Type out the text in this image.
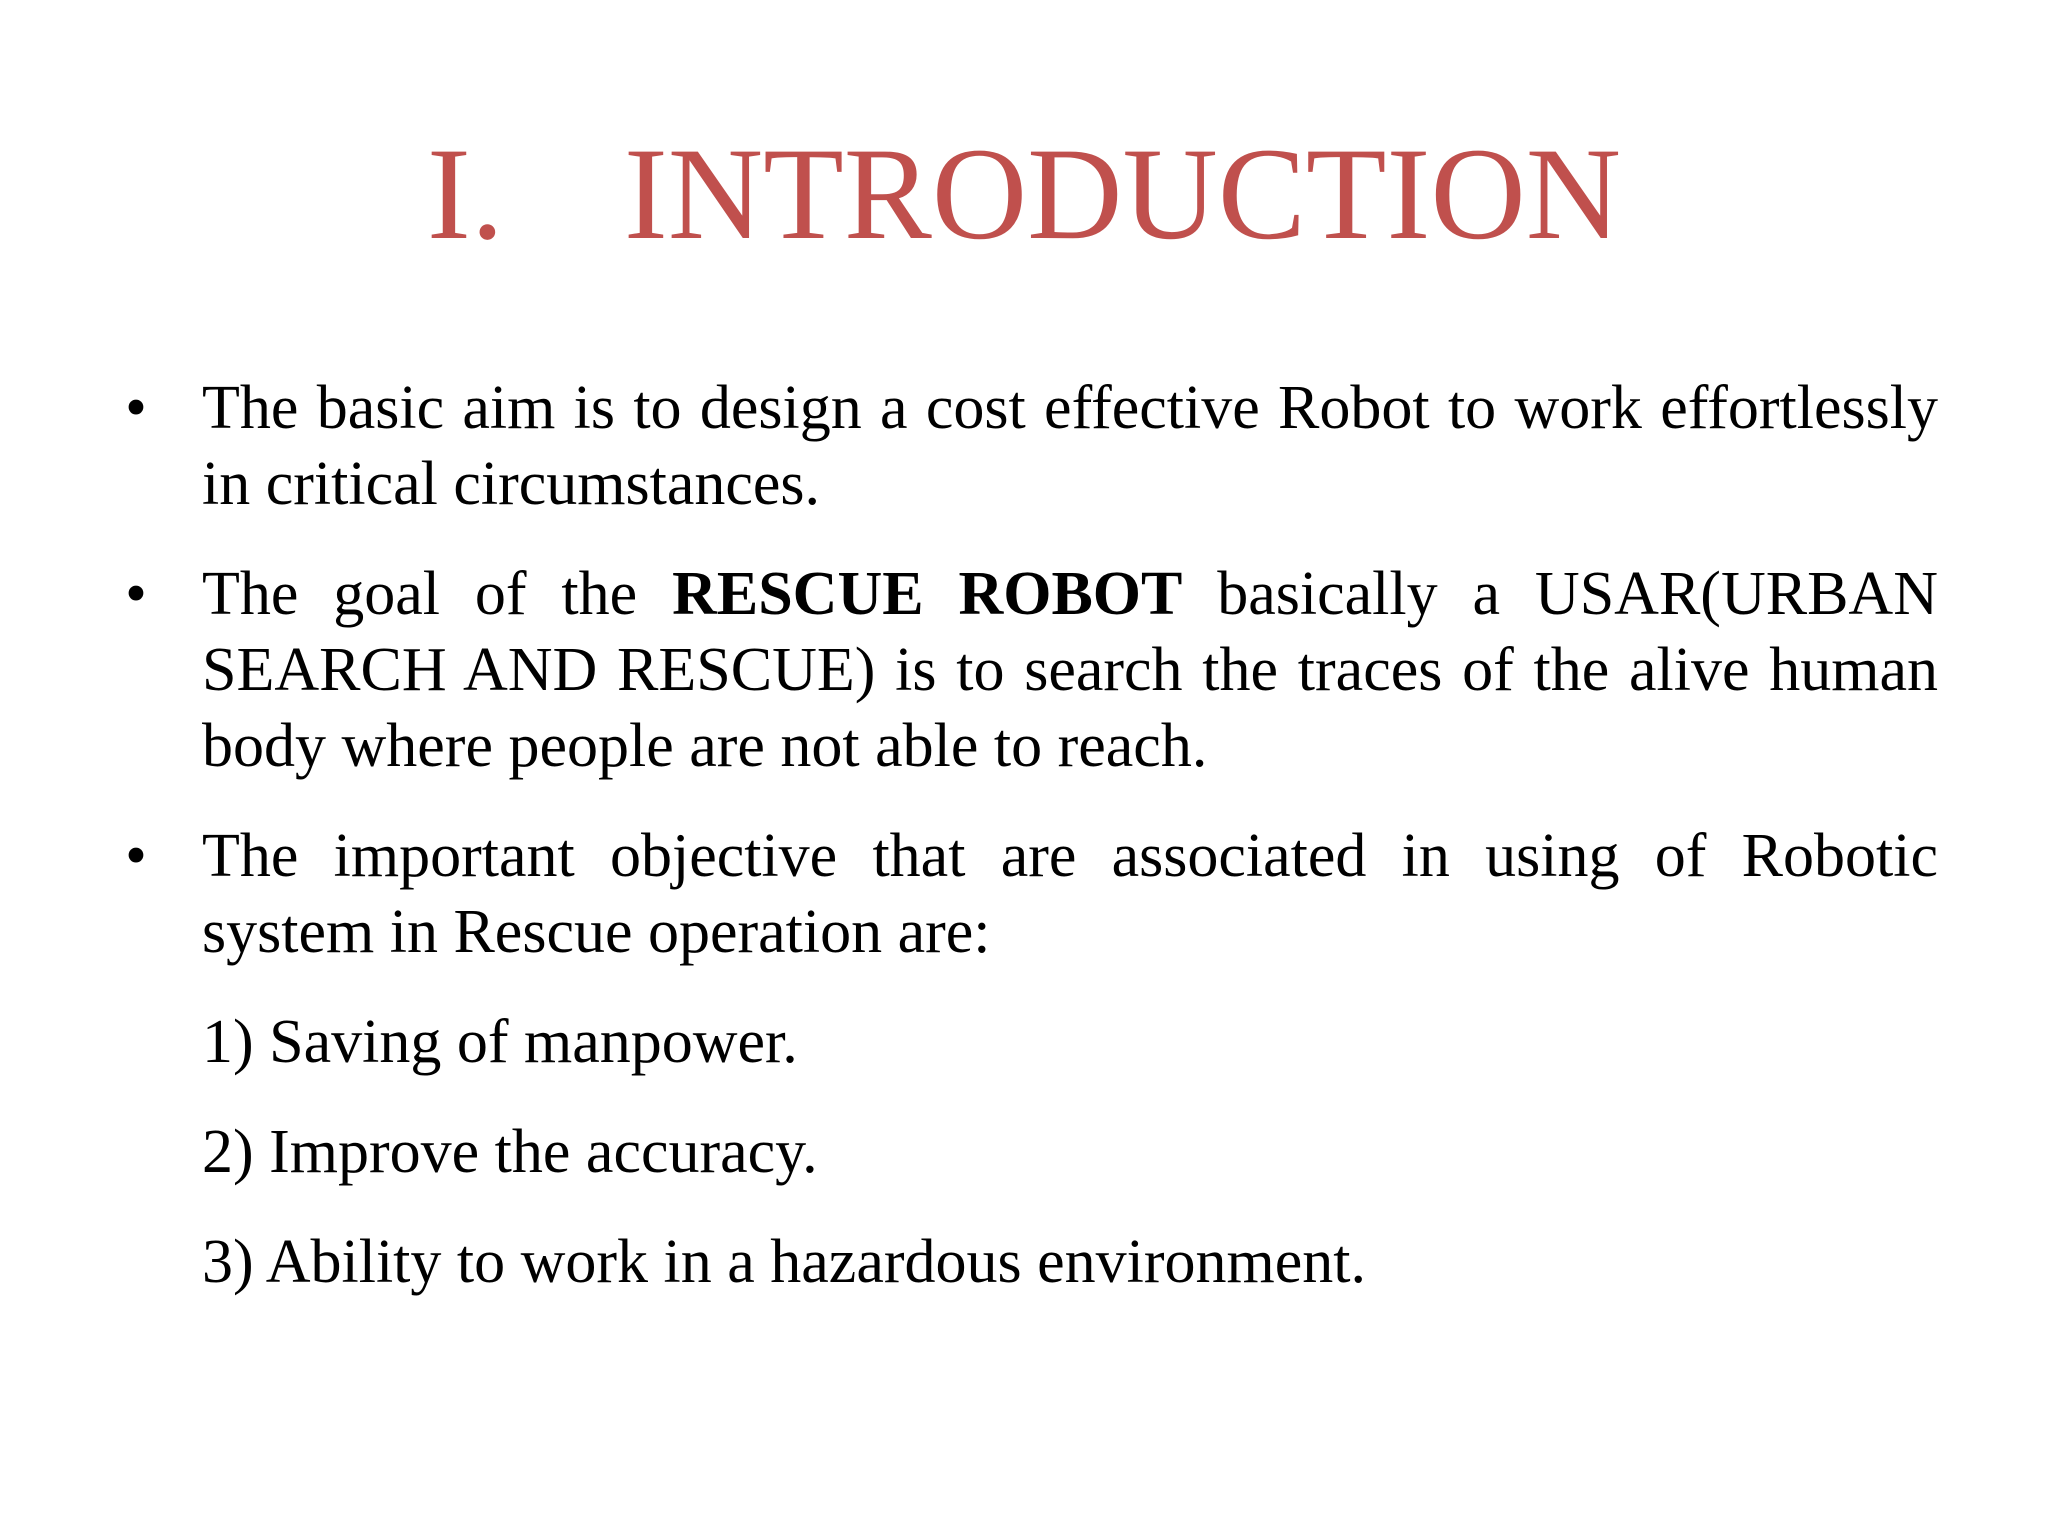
I. INTRODUCTION
• The basic aim is to design a cost effective Robot to work effortlessly in critical circumstances.
• The goal of the RESCUE ROBOT basically a USAR(URBAN SEARCH AND RESCUE) is to search the traces of the alive human body where people are not able to reach.
• The important objective that are associated in using of Robotic system in Rescue operation are:
1) Saving of manpower.
2) Improve the accuracy.
3) Ability to work in a hazardous environment.
